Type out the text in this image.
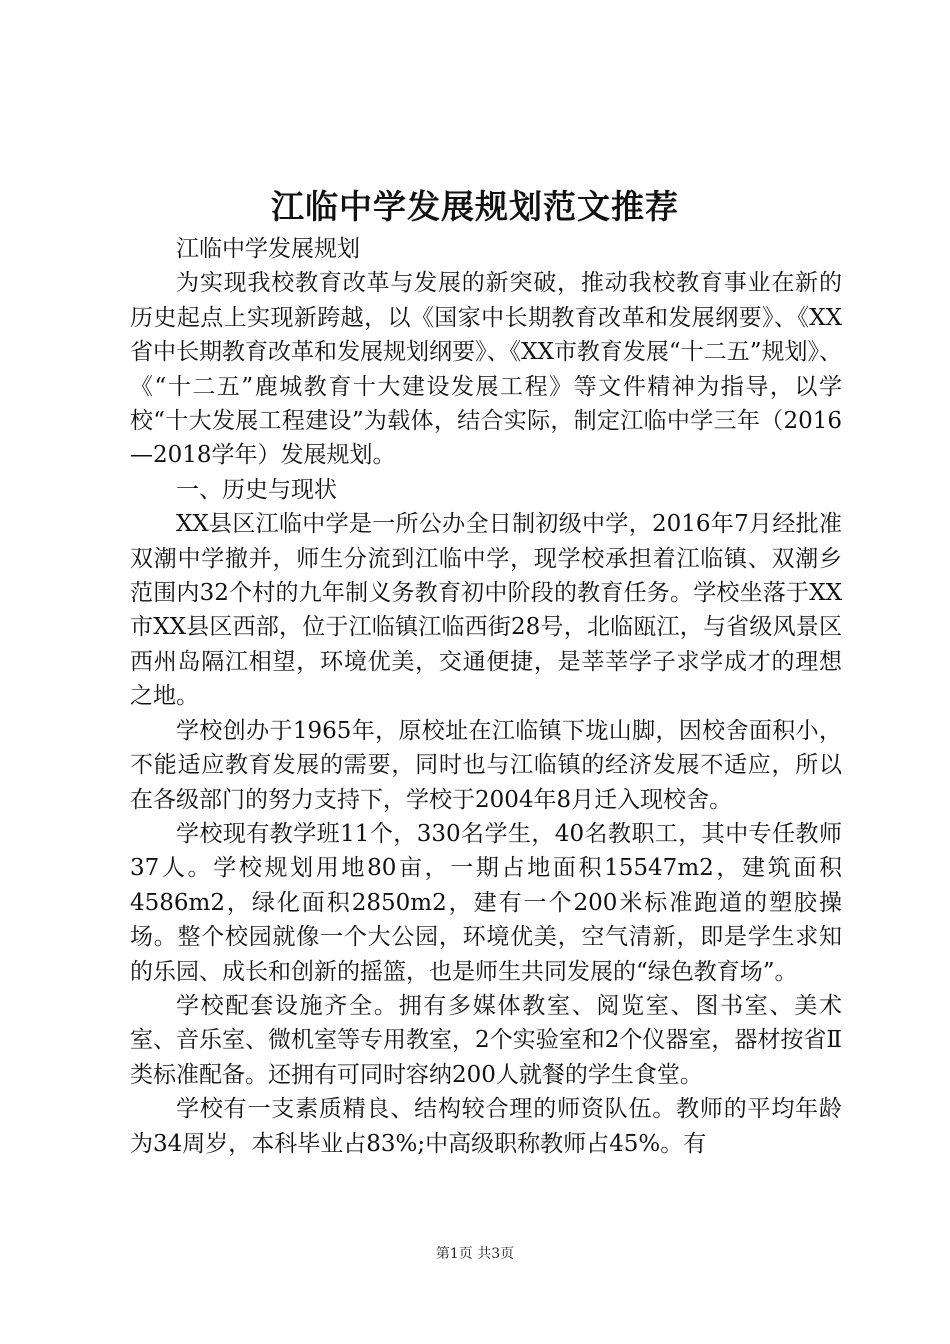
江临中学发展规划范文推荐

江临中学发展规划

为实现我校教育改革与发展的新突破，推动我校教育事业在新的历史起点上实现新跨越，以《国家中长期教育改革和发展纲要》、《XX省中长期教育改革和发展规划纲要》、《XX市教育发展“十二五”规划》、《“十二五”鹿城教育十大建设发展工程》等文件精神为指导，以学校“十大发展工程建设”为载体，结合实际，制定江临中学三年（2016—2018学年）发展规划。

一、历史与现状

XX县区江临中学是一所公办全日制初级中学，2016年7月经批准双潮中学撤并，师生分流到江临中学，现学校承担着江临镇、双潮乡范围内32个村的九年制义务教育初中阶段的教育任务。学校坐落于XX市XX县区西部，位于江临镇江临西街28号，北临瓯江，与省级风景区西州岛隔江相望，环境优美，交通便捷，是莘莘学子求学成才的理想之地。

学校创办于1965年，原校址在江临镇下垅山脚，因校舍面积小，不能适应教育发展的需要，同时也与江临镇的经济发展不适应，所以在各级部门的努力支持下，学校于2004年8月迁入现校舍。

学校现有教学班11个，330名学生，40名教职工，其中专任教师37人。学校规划用地80亩，一期占地面积15547m2，建筑面积4586m2，绿化面积2850m2，建有一个200米标准跑道的塑胶操场。整个校园就像一个大公园，环境优美，空气清新，即是学生求知的乐园、成长和创新的摇篮，也是师生共同发展的“绿色教育场”。

学校配套设施齐全。拥有多媒体教室、阅览室、图书室、美术室、音乐室、微机室等专用教室，2个实验室和2个仪器室，器材按省Ⅱ类标准配备。还拥有可同时容纳200人就餐的学生食堂。

学校有一支素质精良、结构较合理的师资队伍。教师的平均年龄为34周岁，本科毕业占83%;中高级职称教师占45%。有

第1页 共3页
